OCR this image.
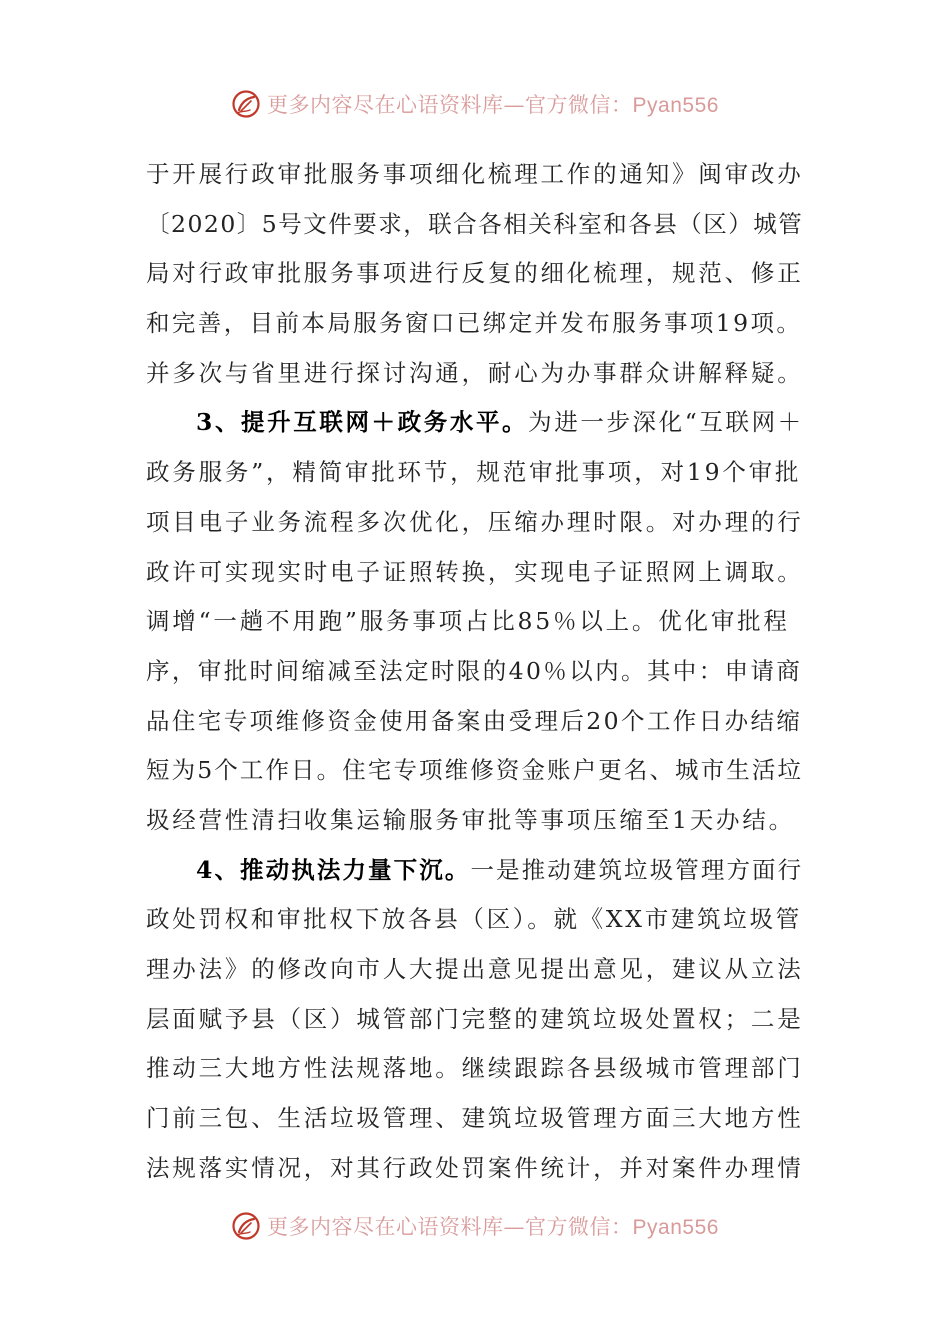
更多内容尽在心语资料库—官方微信：Pyan556
于开展行政审批服务事项细化梳理工作的通知》闽审改办
〔2020〕5号文件要求，联合各相关科室和各县（区）城管
局对行政审批服务事项进行反复的细化梳理，规范、修正
和完善，目前本局服务窗口已绑定并发布服务事项19项。
并多次与省里进行探讨沟通，耐心为办事群众讲解释疑。
3、提升互联网＋政务水平。为进一步深化“互联网＋
政务服务”，精简审批环节，规范审批事项，对19个审批
项目电子业务流程多次优化，压缩办理时限。对办理的行
政许可实现实时电子证照转换，实现电子证照网上调取。
调增“一趟不用跑”服务事项占比85％以上。优化审批程
序，审批时间缩减至法定时限的40％以内。其中：申请商
品住宅专项维修资金使用备案由受理后20个工作日办结缩
短为5个工作日。住宅专项维修资金账户更名、城市生活垃
圾经营性清扫收集运输服务审批等事项压缩至1天办结。
4、推动执法力量下沉。一是推动建筑垃圾管理方面行
政处罚权和审批权下放各县（区）。就《XX市建筑垃圾管
理办法》的修改向市人大提出意见提出意见，建议从立法
层面赋予县（区）城管部门完整的建筑垃圾处置权；二是
推动三大地方性法规落地。继续跟踪各县级城市管理部门
门前三包、生活垃圾管理、建筑垃圾管理方面三大地方性
法规落实情况，对其行政处罚案件统计，并对案件办理情
更多内容尽在心语资料库—官方微信：Pyan556
